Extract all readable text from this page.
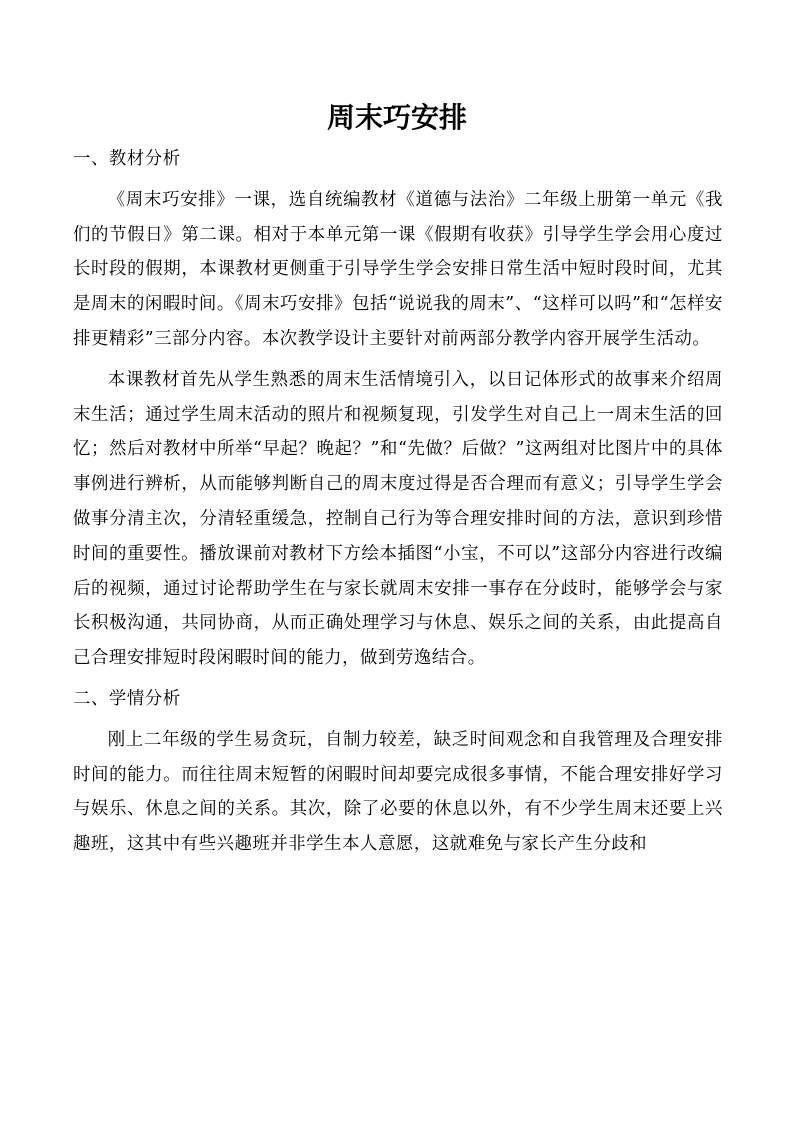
周末巧安排
一、教材分析

《周末巧安排》一课，选自统编教材《道德与法治》二年级上册第一单元《我们的节假日》第二课。相对于本单元第一课《假期有收获》引导学生学会用心度过长时段的假期，本课教材更侧重于引导学生学会安排日常生活中短时段时间，尤其是周末的闲暇时间。《周末巧安排》包括“说说我的周末”、“这样可以吗”和“怎样安排更精彩”三部分内容。本次教学设计主要针对前两部分教学内容开展学生活动。

本课教材首先从学生熟悉的周末生活情境引入，以日记体形式的故事来介绍周末生活；通过学生周末活动的照片和视频复现，引发学生对自己上一周末生活的回忆；然后对教材中所举“早起？晚起？”和“先做？后做？”这两组对比图片中的具体事例进行辨析，从而能够判断自己的周末度过得是否合理而有意义；引导学生学会做事分清主次，分清轻重缓急，控制自己行为等合理安排时间的方法，意识到珍惜时间的重要性。播放课前对教材下方绘本插图“小宝，不可以”这部分内容进行改编后的视频，通过讨论帮助学生在与家长就周末安排一事存在分歧时，能够学会与家长积极沟通，共同协商，从而正确处理学习与休息、娱乐之间的关系，由此提高自己合理安排短时段闲暇时间的能力，做到劳逸结合。

二、学情分析

刚上二年级的学生易贪玩，自制力较差，缺乏时间观念和自我管理及合理安排时间的能力。而往往周末短暂的闲暇时间却要完成很多事情，不能合理安排好学习与娱乐、休息之间的关系。其次，除了必要的休息以外，有不少学生周末还要上兴趣班，这其中有些兴趣班并非学生本人意愿，这就难免与家长产生分歧和
